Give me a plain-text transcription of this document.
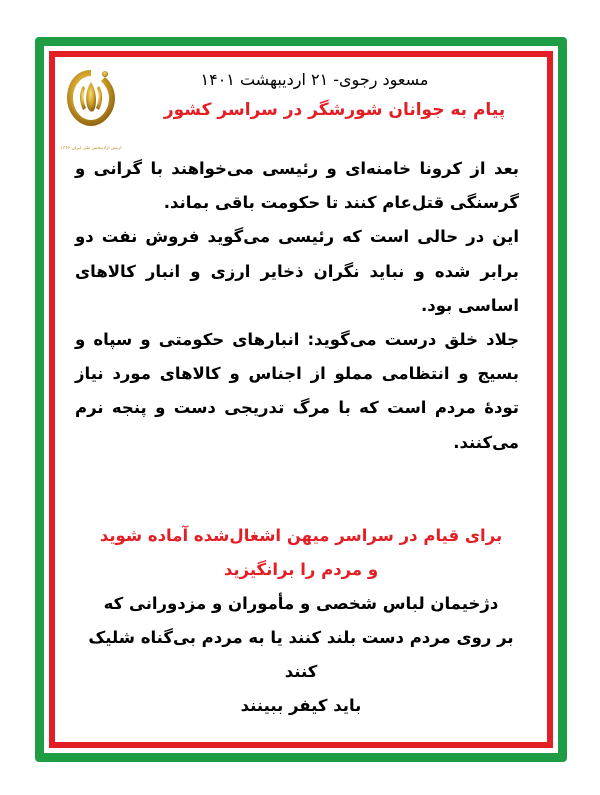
مسعود رجوی- ۲۱ اردیبهشت ۱۴۰۱

پیام به جوانان شورشگر در سراسر کشور

بعد از کرونا خامنه‌ای و رئیسی می‌خواهند با گرانی و گرسنگی قتل‌عام کنند تا حکومت باقی بماند.

این در حالی است که رئیسی می‌گوید فروش نفت دو برابر شده و نباید نگران ذخایر ارزی و انبار کالاهای اساسی بود.

جلاد خلق درست می‌گوید: انبارهای حکومتی و سپاه و بسیج و انتظامی مملو از اجناس و کالاهای مورد نیاز تودهٔ مردم است که با مرگ تدریجی دست و پنجه نرم می‌کنند.

برای قیام در سراسر میهن اشغال‌شده آماده شوید

و مردم را برانگیزید

دژخیمان لباس شخصی و مأموران و مزدورانی که

بر روی مردم دست بلند کنند یا به مردم بی‌گناه شلیک کنند

باید کیفر ببینند

ارتش آزادیبخش ملی ایران ۱۳۶۶
